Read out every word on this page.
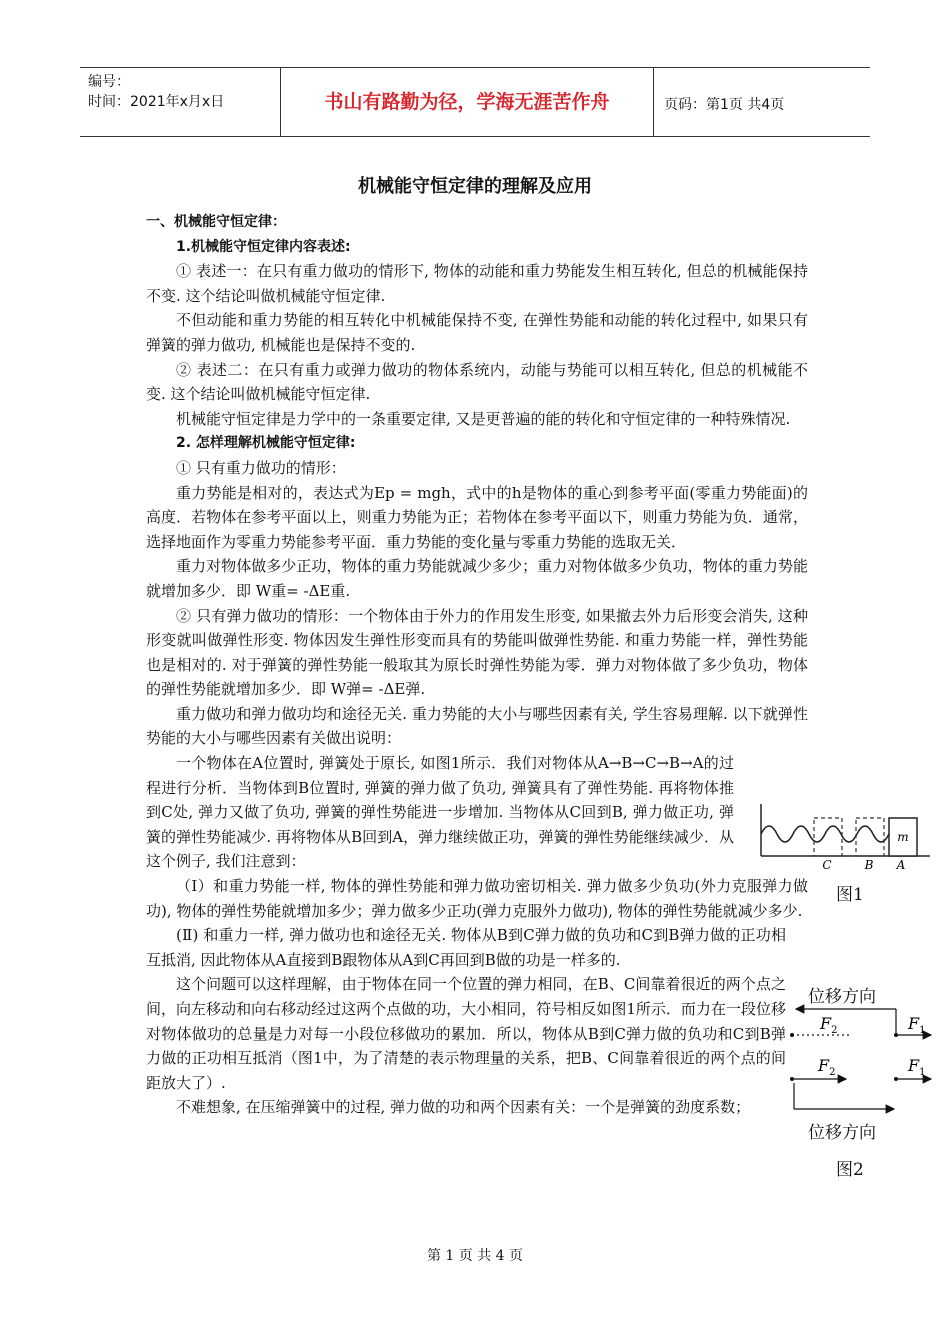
编号：
时间：2021年x月x日	书山有路勤为径，学海无涯苦作舟	页码：第1页 共4页
机械能守恒定律的理解及应用

一、机械能守恒定律：

1.机械能守恒定律内容表述:

① 表述一：在只有重力做功的情形下, 物体的动能和重力势能发生相互转化, 但总的机械能保持不变. 这个结论叫做机械能守恒定律.

不但动能和重力势能的相互转化中机械能保持不变, 在弹性势能和动能的转化过程中, 如果只有弹簧的弹力做功, 机械能也是保持不变的.

② 表述二：在只有重力或弹力做功的物体系统内，动能与势能可以相互转化, 但总的机械能不变. 这个结论叫做机械能守恒定律.

机械能守恒定律是力学中的一条重要定律, 又是更普遍的能的转化和守恒定律的一种特殊情况.

2. 怎样理解机械能守恒定律:

① 只有重力做功的情形：

重力势能是相对的，表达式为Ep = mgh，式中的h是物体的重心到参考平面(零重力势能面)的高度．若物体在参考平面以上，则重力势能为正；若物体在参考平面以下，则重力势能为负．通常，选择地面作为零重力势能参考平面．重力势能的变化量与零重力势能的选取无关．

重力对物体做多少正功，物体的重力势能就减少多少；重力对物体做多少负功，物体的重力势能就增加多少．即 W重= -ΔE重.

② 只有弹力做功的情形：一个物体由于外力的作用发生形变, 如果撤去外力后形变会消失, 这种形变就叫做弹性形变. 物体因发生弹性形变而具有的势能叫做弹性势能. 和重力势能一样，弹性势能也是相对的. 对于弹簧的弹性势能一般取其为原长时弹性势能为零．弹力对物体做了多少负功，物体的弹性势能就增加多少．即 W弹= -ΔE弹.

重力做功和弹力做功均和途径无关. 重力势能的大小与哪些因素有关, 学生容易理解. 以下就弹性势能的大小与哪些因素有关做出说明：

一个物体在A位置时, 弹簧处于原长, 如图1所示．我们对物体从A→B→C→B→A的过程进行分析．当物体到B位置时, 弹簧的弹力做了负功, 弹簧具有了弹性势能. 再将物体推到C处, 弹力又做了负功, 弹簧的弹性势能进一步增加. 当物体从C回到B, 弹力做正功, 弹簧的弹性势能减少. 再将物体从B回到A，弹力继续做正功，弹簧的弹性势能继续减少．从这个例子, 我们注意到：

（Ⅰ）和重力势能一样, 物体的弹性势能和弹力做功密切相关. 弹力做多少负功(外力克服弹力做功), 物体的弹性势能就增加多少；弹力做多少正功(弹力克服外力做功), 物体的弹性势能就减少多少.

(Ⅱ) 和重力一样, 弹力做功也和途径无关. 物体从B到C弹力做的负功和C到B弹力做的正功相互抵消, 因此物体从A直接到B跟物体从A到C再回到B做的功是一样多的.

这个问题可以这样理解，由于物体在同一个位置的弹力相同，在B、C间靠着很近的两个点之间，向左移动和向右移动经过这两个点做的功，大小相同，符号相反如图1所示．而力在一段位移对物体做功的总量是力对每一小段位移做功的累加．所以，物体从B到C弹力做的负功和C到B弹力做的正功相互抵消（图1中，为了清楚的表示物理量的关系，把B、C间靠着很近的两个点的间距放大了）.

不难想象, 在压缩弹簧中的过程, 弹力做的功和两个因素有关：一个是弹簧的劲度系数；

m
C	B A
图1
位移方向
$F_2$	$F_1$
$F_2$	$F_1$
位移方向
图2
第 1 页 共 4 页
